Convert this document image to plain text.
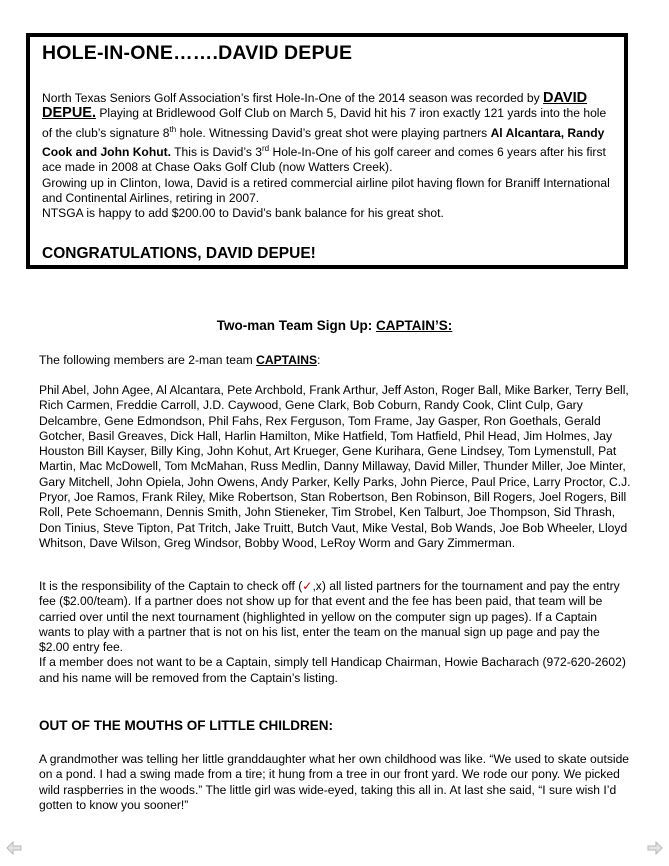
HOLE-IN-ONE…….DAVID DEPUE

North Texas Seniors Golf Association’s first Hole-In-One of the 2014 season was recorded by DAVID DEPUE. Playing at Bridlewood Golf Club on March 5, David hit his 7 iron exactly 121 yards into the hole of the club’s signature 8th hole. Witnessing David’s great shot were playing partners Al Alcantara, Randy Cook and John Kohut. This is David’s 3rd Hole-In-One of his golf career and comes 6 years after his first ace made in 2008 at Chase Oaks Golf Club (now Watters Creek).

Growing up in Clinton, Iowa, David is a retired commercial airline pilot having flown for Braniff International and Continental Airlines, retiring in 2007.

NTSGA is happy to add $200.00 to David’s bank balance for his great shot.

CONGRATULATIONS, DAVID DEPUE!
Two-man Team Sign Up: CAPTAIN’S:

The following members are 2-man team CAPTAINS:

Phil Abel, John Agee, Al Alcantara, Pete Archbold, Frank Arthur, Jeff Aston, Roger Ball, Mike Barker, Terry Bell, Rich Carmen, Freddie Carroll, J.D. Caywood, Gene Clark, Bob Coburn, Randy Cook, Clint Culp, Gary Delcambre, Gene Edmondson, Phil Fahs, Rex Ferguson, Tom Frame, Jay Gasper, Ron Goethals, Gerald Gotcher, Basil Greaves, Dick Hall, Harlin Hamilton, Mike Hatfield, Tom Hatfield, Phil Head, Jim Holmes, Jay Houston Bill Kayser, Billy King, John Kohut, Art Krueger, Gene Kurihara, Gene Lindsey, Tom Lymenstull, Pat Martin, Mac McDowell, Tom McMahan, Russ Medlin, Danny Millaway, David Miller, Thunder Miller, Joe Minter, Gary Mitchell, John Opiela, John Owens, Andy Parker, Kelly Parks, John Pierce, Paul Price, Larry Proctor, C.J. Pryor, Joe Ramos, Frank Riley, Mike Robertson, Stan Robertson, Ben Robinson, Bill Rogers, Joel Rogers, Bill Roll, Pete Schoemann, Dennis Smith, John Stieneker, Tim Strobel, Ken Talburt, Joe Thompson, Sid Thrash, Don Tinius, Steve Tipton, Pat Tritch, Jake Truitt, Butch Vaut, Mike Vestal, Bob Wands, Joe Bob Wheeler, Lloyd Whitson, Dave Wilson, Greg Windsor, Bobby Wood, LeRoy Worm and Gary Zimmerman.

It is the responsibility of the Captain to check off (✓,x) all listed partners for the tournament and pay the entry fee ($2.00/team). If a partner does not show up for that event and the fee has been paid, that team will be carried over until the next tournament (highlighted in yellow on the computer sign up pages). If a Captain wants to play with a partner that is not on his list, enter the team on the manual sign up page and pay the $2.00 entry fee.

If a member does not want to be a Captain, simply tell Handicap Chairman, Howie Bacharach (972-620-2602) and his name will be removed from the Captain’s listing.

OUT OF THE MOUTHS OF LITTLE CHILDREN:

A grandmother was telling her little granddaughter what her own childhood was like. “We used to skate outside on a pond. I had a swing made from a tire; it hung from a tree in our front yard. We rode our pony. We picked wild raspberries in the woods.” The little girl was wide-eyed, taking this all in. At last she said, “I sure wish I’d gotten to know you sooner!”
